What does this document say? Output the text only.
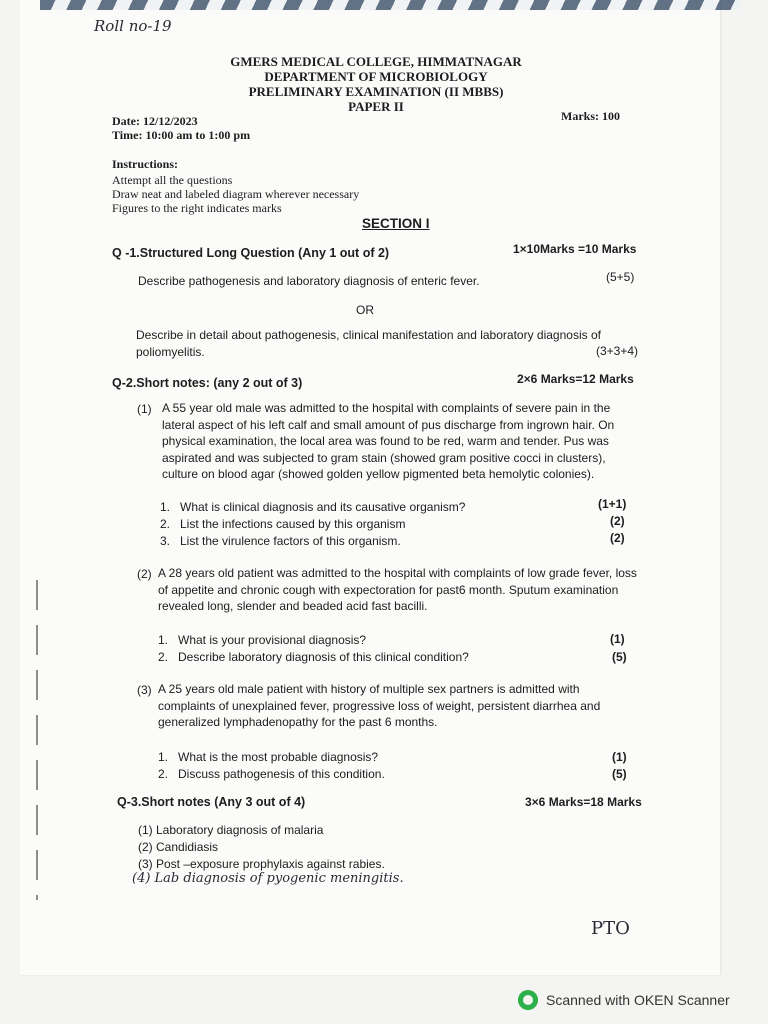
Roll no-19
GMERS MEDICAL COLLEGE, HIMMATNAGAR
DEPARTMENT OF MICROBIOLOGY
PRELIMINARY EXAMINATION (II MBBS)
PAPER II
Date: 12/12/2023
Time: 10:00 am to 1:00 pm
Marks: 100
Instructions:
Attempt all the questions
Draw neat and labeled diagram wherever necessary
Figures to the right indicates marks
SECTION I
Q -1.Structured Long Question (Any 1 out of 2)	1×10Marks =10 Marks
Describe pathogenesis and laboratory diagnosis of enteric fever.	(5+5)
OR
Describe in detail about pathogenesis, clinical manifestation and laboratory diagnosis of poliomyelitis.	(3+3+4)
Q-2.Short notes: (any 2 out of 3)	2×6 Marks=12 Marks
(1) A 55 year old male was admitted to the hospital with complaints of severe pain in the lateral aspect of his left calf and small amount of pus discharge from ingrown hair. On physical examination, the local area was found to be red, warm and tender. Pus was aspirated and was subjected to gram stain (showed gram positive cocci in clusters), culture on blood agar (showed golden yellow pigmented beta hemolytic colonies).
1. What is clinical diagnosis and its causative organism?	(1+1)
2. List the infections caused by this organism	(2)
3. List the virulence factors of this organism.	(2)
(2) A 28 years old patient was admitted to the hospital with complaints of low grade fever, loss of appetite and chronic cough with expectoration for past6 month. Sputum examination revealed long, slender and beaded acid fast bacilli.
1. What is your provisional diagnosis?	(1)
2. Describe laboratory diagnosis of this clinical condition?	(5)
(3) A 25 years old male patient with history of multiple sex partners is admitted with complaints of unexplained fever, progressive loss of weight, persistent diarrhea and generalized lymphadenopathy for the past 6 months.
1. What is the most probable diagnosis?	(1)
2. Discuss pathogenesis of this condition.	(5)
Q-3.Short notes (Any 3 out of 4)	3×6 Marks=18 Marks
(1) Laboratory diagnosis of malaria
(2) Candidiasis
(3) Post –exposure prophylaxis against rabies.
(4) Lab diagnosis of pyogenic meningitis.
PTO
Scanned with OKEN Scanner
